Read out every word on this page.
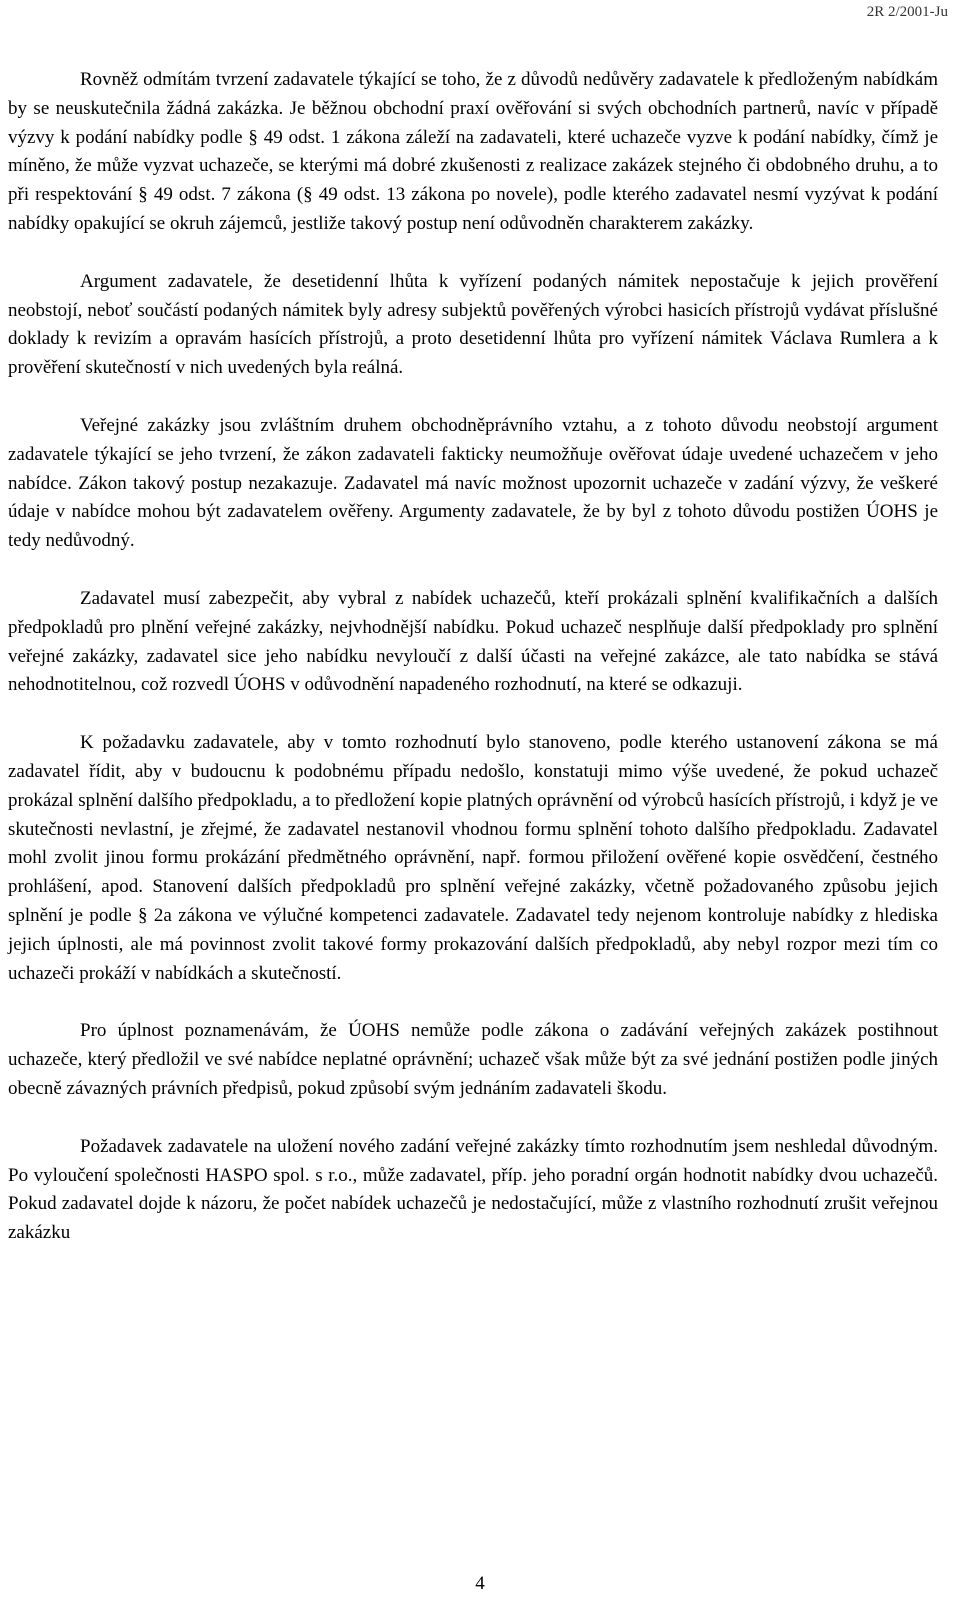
2R 2/2001-Ju

Rovněž odmítám tvrzení zadavatele týkající se toho, že z důvodů nedůvěry zadavatele k předloženým nabídkám by se neuskutečnila žádná zakázka. Je běžnou obchodní praxí ověřování si svých obchodních partnerů, navíc v případě výzvy k podání nabídky podle § 49 odst. 1 zákona záleží na zadavateli, které uchazeče vyzve k podání nabídky, čímž je míněno, že může vyzvat uchazeče, se kterými má dobré zkušenosti z realizace zakázek stejného či obdobného druhu, a to při respektování § 49 odst. 7 zákona (§ 49 odst. 13 zákona po novele), podle kterého zadavatel nesmí vyzývat k podání nabídky opakující se okruh zájemců, jestliže takový postup není odůvodněn charakterem zakázky.

Argument zadavatele, že desetidenní lhůta k vyřízení podaných námitek nepostačuje k jejich prověření neobstojí, neboť součástí podaných námitek byly adresy subjektů pověřených výrobci hasicích přístrojů vydávat příslušné doklady k revizím a opravám hasících přístrojů, a proto desetidenní lhůta pro vyřízení námitek Václava Rumlera a k prověření skutečností v nich uvedených byla reálná.

Veřejné zakázky jsou zvláštním druhem obchodněprávního vztahu, a z tohoto důvodu neobstojí argument zadavatele týkající se jeho tvrzení, že zákon zadavateli fakticky neumožňuje ověřovat údaje uvedené uchazečem v jeho nabídce. Zákon takový postup nezakazuje. Zadavatel má navíc možnost upozornit uchazeče v zadání výzvy, že veškeré údaje v nabídce mohou být zadavatelem ověřeny. Argumenty zadavatele, že by byl z tohoto důvodu postižen ÚOHS je tedy nedůvodný.

Zadavatel musí zabezpečit, aby vybral z nabídek uchazečů, kteří prokázali splnění kvalifikačních a dalších předpokladů pro plnění veřejné zakázky, nejvhodnější nabídku. Pokud uchazeč nesplňuje další předpoklady pro splnění veřejné zakázky, zadavatel sice jeho nabídku nevyloučí z další účasti na veřejné zakázce, ale tato nabídka se stává nehodnotitelnou, což rozvedl ÚOHS v odůvodnění napadeného rozhodnutí, na které se odkazuji.

K požadavku zadavatele, aby v tomto rozhodnutí bylo stanoveno, podle kterého ustanovení zákona se má zadavatel řídit, aby v budoucnu k podobnému případu nedošlo, konstatuji mimo výše uvedené, že pokud uchazeč prokázal splnění dalšího předpokladu, a to předložení kopie platných oprávnění od výrobců hasících přístrojů, i když je ve skutečnosti nevlastní, je zřejmé, že zadavatel nestanovil vhodnou formu splnění tohoto dalšího předpokladu. Zadavatel mohl zvolit jinou formu prokázání předmětného oprávnění, např. formou přiložení ověřené kopie osvědčení, čestného prohlášení, apod. Stanovení dalších předpokladů pro splnění veřejné zakázky, včetně požadovaného způsobu jejich splnění je podle § 2a zákona ve výlučné kompetenci zadavatele. Zadavatel tedy nejenom kontroluje nabídky z hlediska jejich úplnosti, ale má povinnost zvolit takové formy prokazování dalších předpokladů, aby nebyl rozpor mezi tím co uchazeči prokáží v nabídkách a skutečností.

Pro úplnost poznamenávám, že ÚOHS nemůže podle zákona o zadávání veřejných zakázek postihnout uchazeče, který předložil ve své nabídce neplatné oprávnění; uchazeč však může být za své jednání postižen podle jiných obecně závazných právních předpisů, pokud způsobí svým jednáním zadavateli škodu.

Požadavek zadavatele na uložení nového zadání veřejné zakázky tímto rozhodnutím jsem neshledal důvodným. Po vyloučení společnosti HASPO spol. s r.o., může zadavatel, příp. jeho poradní orgán hodnotit nabídky dvou uchazečů. Pokud zadavatel dojde k názoru, že počet nabídek uchazečů je nedostačující, může z vlastního rozhodnutí zrušit veřejnou zakázku

4
